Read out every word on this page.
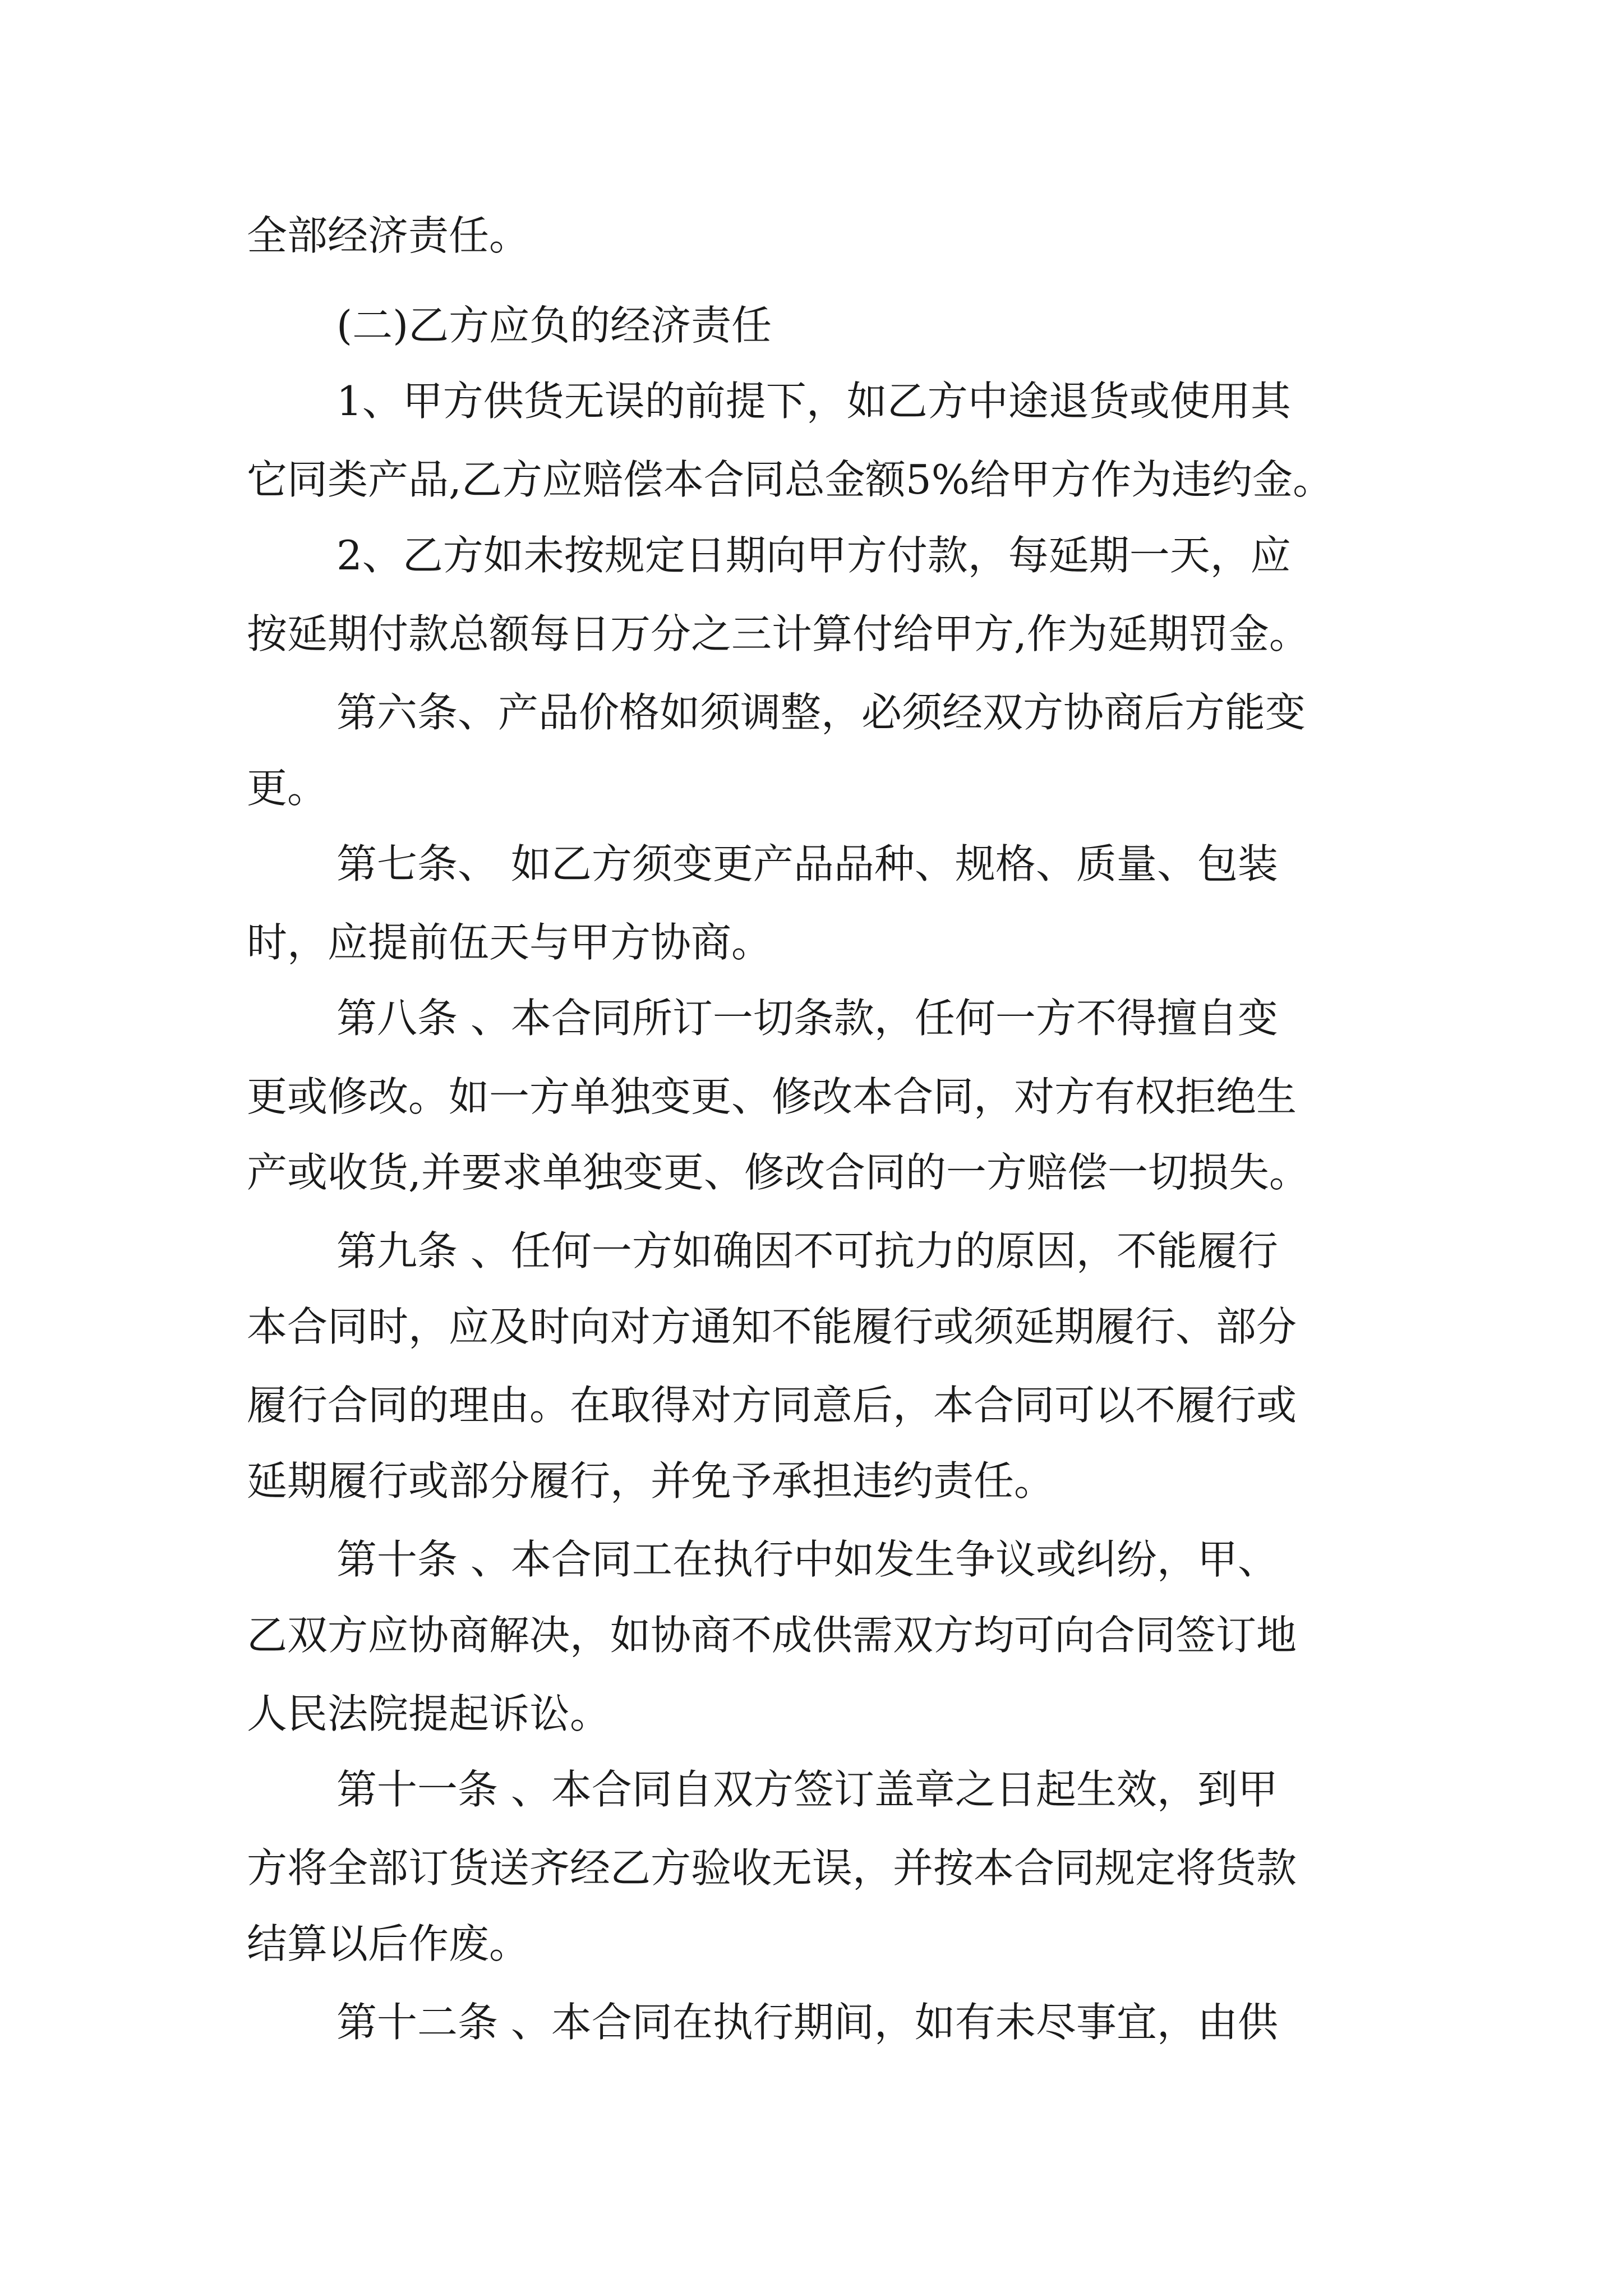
全部经济责任。
(二)乙方应负的经济责任
1、甲方供货无误的前提下，如乙方中途退货或使用其
它同类产品,乙方应赔偿本合同总金额5%给甲方作为违约金。
2、乙方如未按规定日期向甲方付款，每延期一天，应
按延期付款总额每日万分之三计算付给甲方,作为延期罚金。
第六条、产品价格如须调整，必须经双方协商后方能变
更。
第七条、 如乙方须变更产品品种、规格、质量、包装
时，应提前伍天与甲方协商。
第八条 、本合同所订一切条款，任何一方不得擅自变
更或修改。如一方单独变更、修改本合同，对方有权拒绝生
产或收货,并要求单独变更、修改合同的一方赔偿一切损失。
第九条 、任何一方如确因不可抗力的原因，不能履行
本合同时，应及时向对方通知不能履行或须延期履行、部分
履行合同的理由。在取得对方同意后，本合同可以不履行或
延期履行或部分履行，并免予承担违约责任。
第十条 、本合同工在执行中如发生争议或纠纷，甲、
乙双方应协商解决，如协商不成供需双方均可向合同签订地
人民法院提起诉讼。
第十一条 、本合同自双方签订盖章之日起生效，到甲
方将全部订货送齐经乙方验收无误，并按本合同规定将货款
结算以后作废。
第十二条 、本合同在执行期间，如有未尽事宜，由供
